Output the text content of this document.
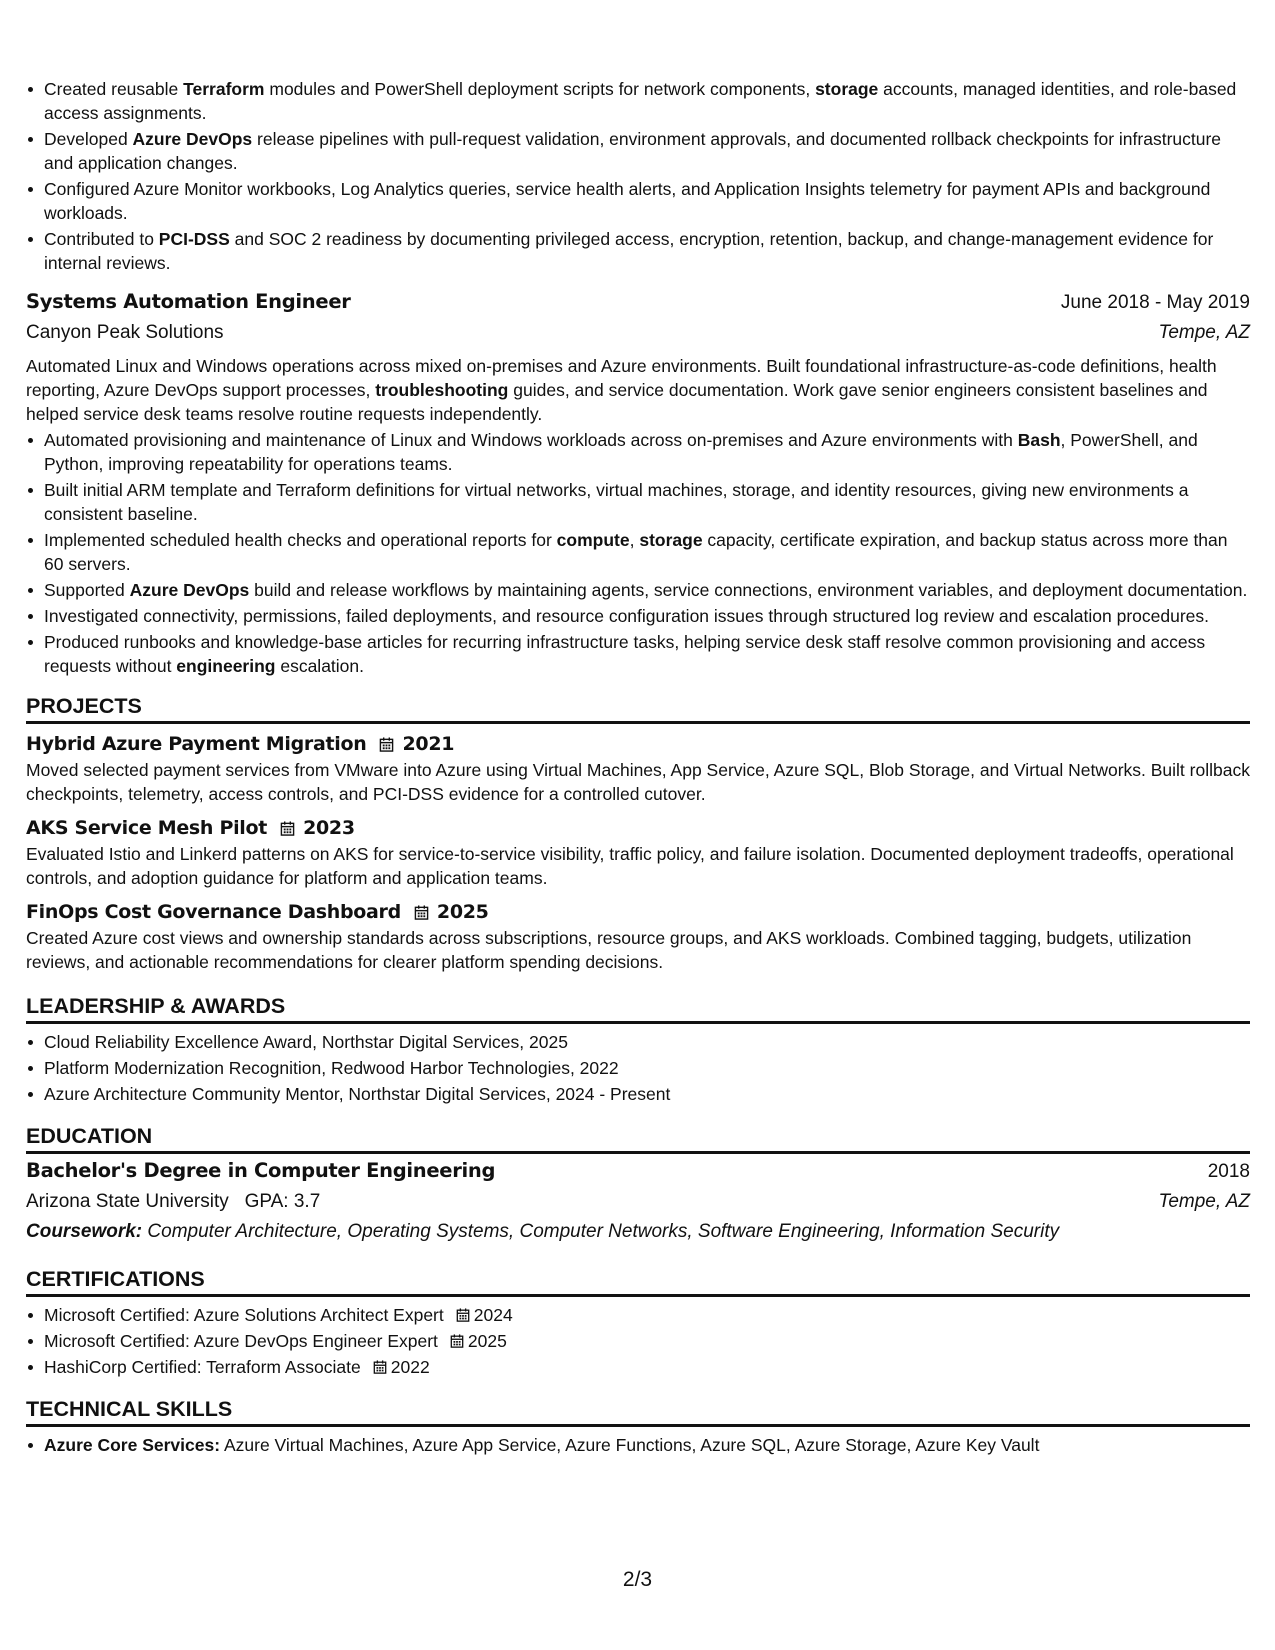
Created reusable Terraform modules and PowerShell deployment scripts for network components, storage accounts, managed identities, and role-based access assignments.
Developed Azure DevOps release pipelines with pull-request validation, environment approvals, and documented rollback checkpoints for infrastructure and application changes.
Configured Azure Monitor workbooks, Log Analytics queries, service health alerts, and Application Insights telemetry for payment APIs and background workloads.
Contributed to PCI-DSS and SOC 2 readiness by documenting privileged access, encryption, retention, backup, and change-management evidence for internal reviews.
Systems Automation Engineer	June 2018 - May 2019
Canyon Peak Solutions	Tempe, AZ

Automated Linux and Windows operations across mixed on-premises and Azure environments. Built foundational infrastructure-as-code definitions, health reporting, Azure DevOps support processes, troubleshooting guides, and service documentation. Work gave senior engineers consistent baselines and helped service desk teams resolve routine requests independently.

Automated provisioning and maintenance of Linux and Windows workloads across on-premises and Azure environments with Bash, PowerShell, and Python, improving repeatability for operations teams.
Built initial ARM template and Terraform definitions for virtual networks, virtual machines, storage, and identity resources, giving new environments a consistent baseline.
Implemented scheduled health checks and operational reports for compute, storage capacity, certificate expiration, and backup status across more than 60 servers.
Supported Azure DevOps build and release workflows by maintaining agents, service connections, environment variables, and deployment documentation.
Investigated connectivity, permissions, failed deployments, and resource configuration issues through structured log review and escalation procedures.
Produced runbooks and knowledge-base articles for recurring infrastructure tasks, helping service desk staff resolve common provisioning and access requests without engineering escalation.
PROJECTS
Hybrid Azure Payment Migration 2021

Moved selected payment services from VMware into Azure using Virtual Machines, App Service, Azure SQL, Blob Storage, and Virtual Networks. Built rollback checkpoints, telemetry, access controls, and PCI-DSS evidence for a controlled cutover.

AKS Service Mesh Pilot 2023

Evaluated Istio and Linkerd patterns on AKS for service-to-service visibility, traffic policy, and failure isolation. Documented deployment tradeoffs, operational controls, and adoption guidance for platform and application teams.

FinOps Cost Governance Dashboard 2025

Created Azure cost views and ownership standards across subscriptions, resource groups, and AKS workloads. Combined tagging, budgets, utilization reviews, and actionable recommendations for clearer platform spending decisions.

LEADERSHIP & AWARDS
Cloud Reliability Excellence Award, Northstar Digital Services, 2025
Platform Modernization Recognition, Redwood Harbor Technologies, 2022
Azure Architecture Community Mentor, Northstar Digital Services, 2024 - Present
EDUCATION
Bachelor's Degree in Computer Engineering	2018
Arizona State University GPA: 3.7	Tempe, AZ
Coursework: Computer Architecture, Operating Systems, Computer Networks, Software Engineering, Information Security
CERTIFICATIONS
Microsoft Certified: Azure Solutions Architect Expert 2024
Microsoft Certified: Azure DevOps Engineer Expert 2025
HashiCorp Certified: Terraform Associate 2022
TECHNICAL SKILLS
Azure Core Services: Azure Virtual Machines, Azure App Service, Azure Functions, Azure SQL, Azure Storage, Azure Key Vault
2/3
